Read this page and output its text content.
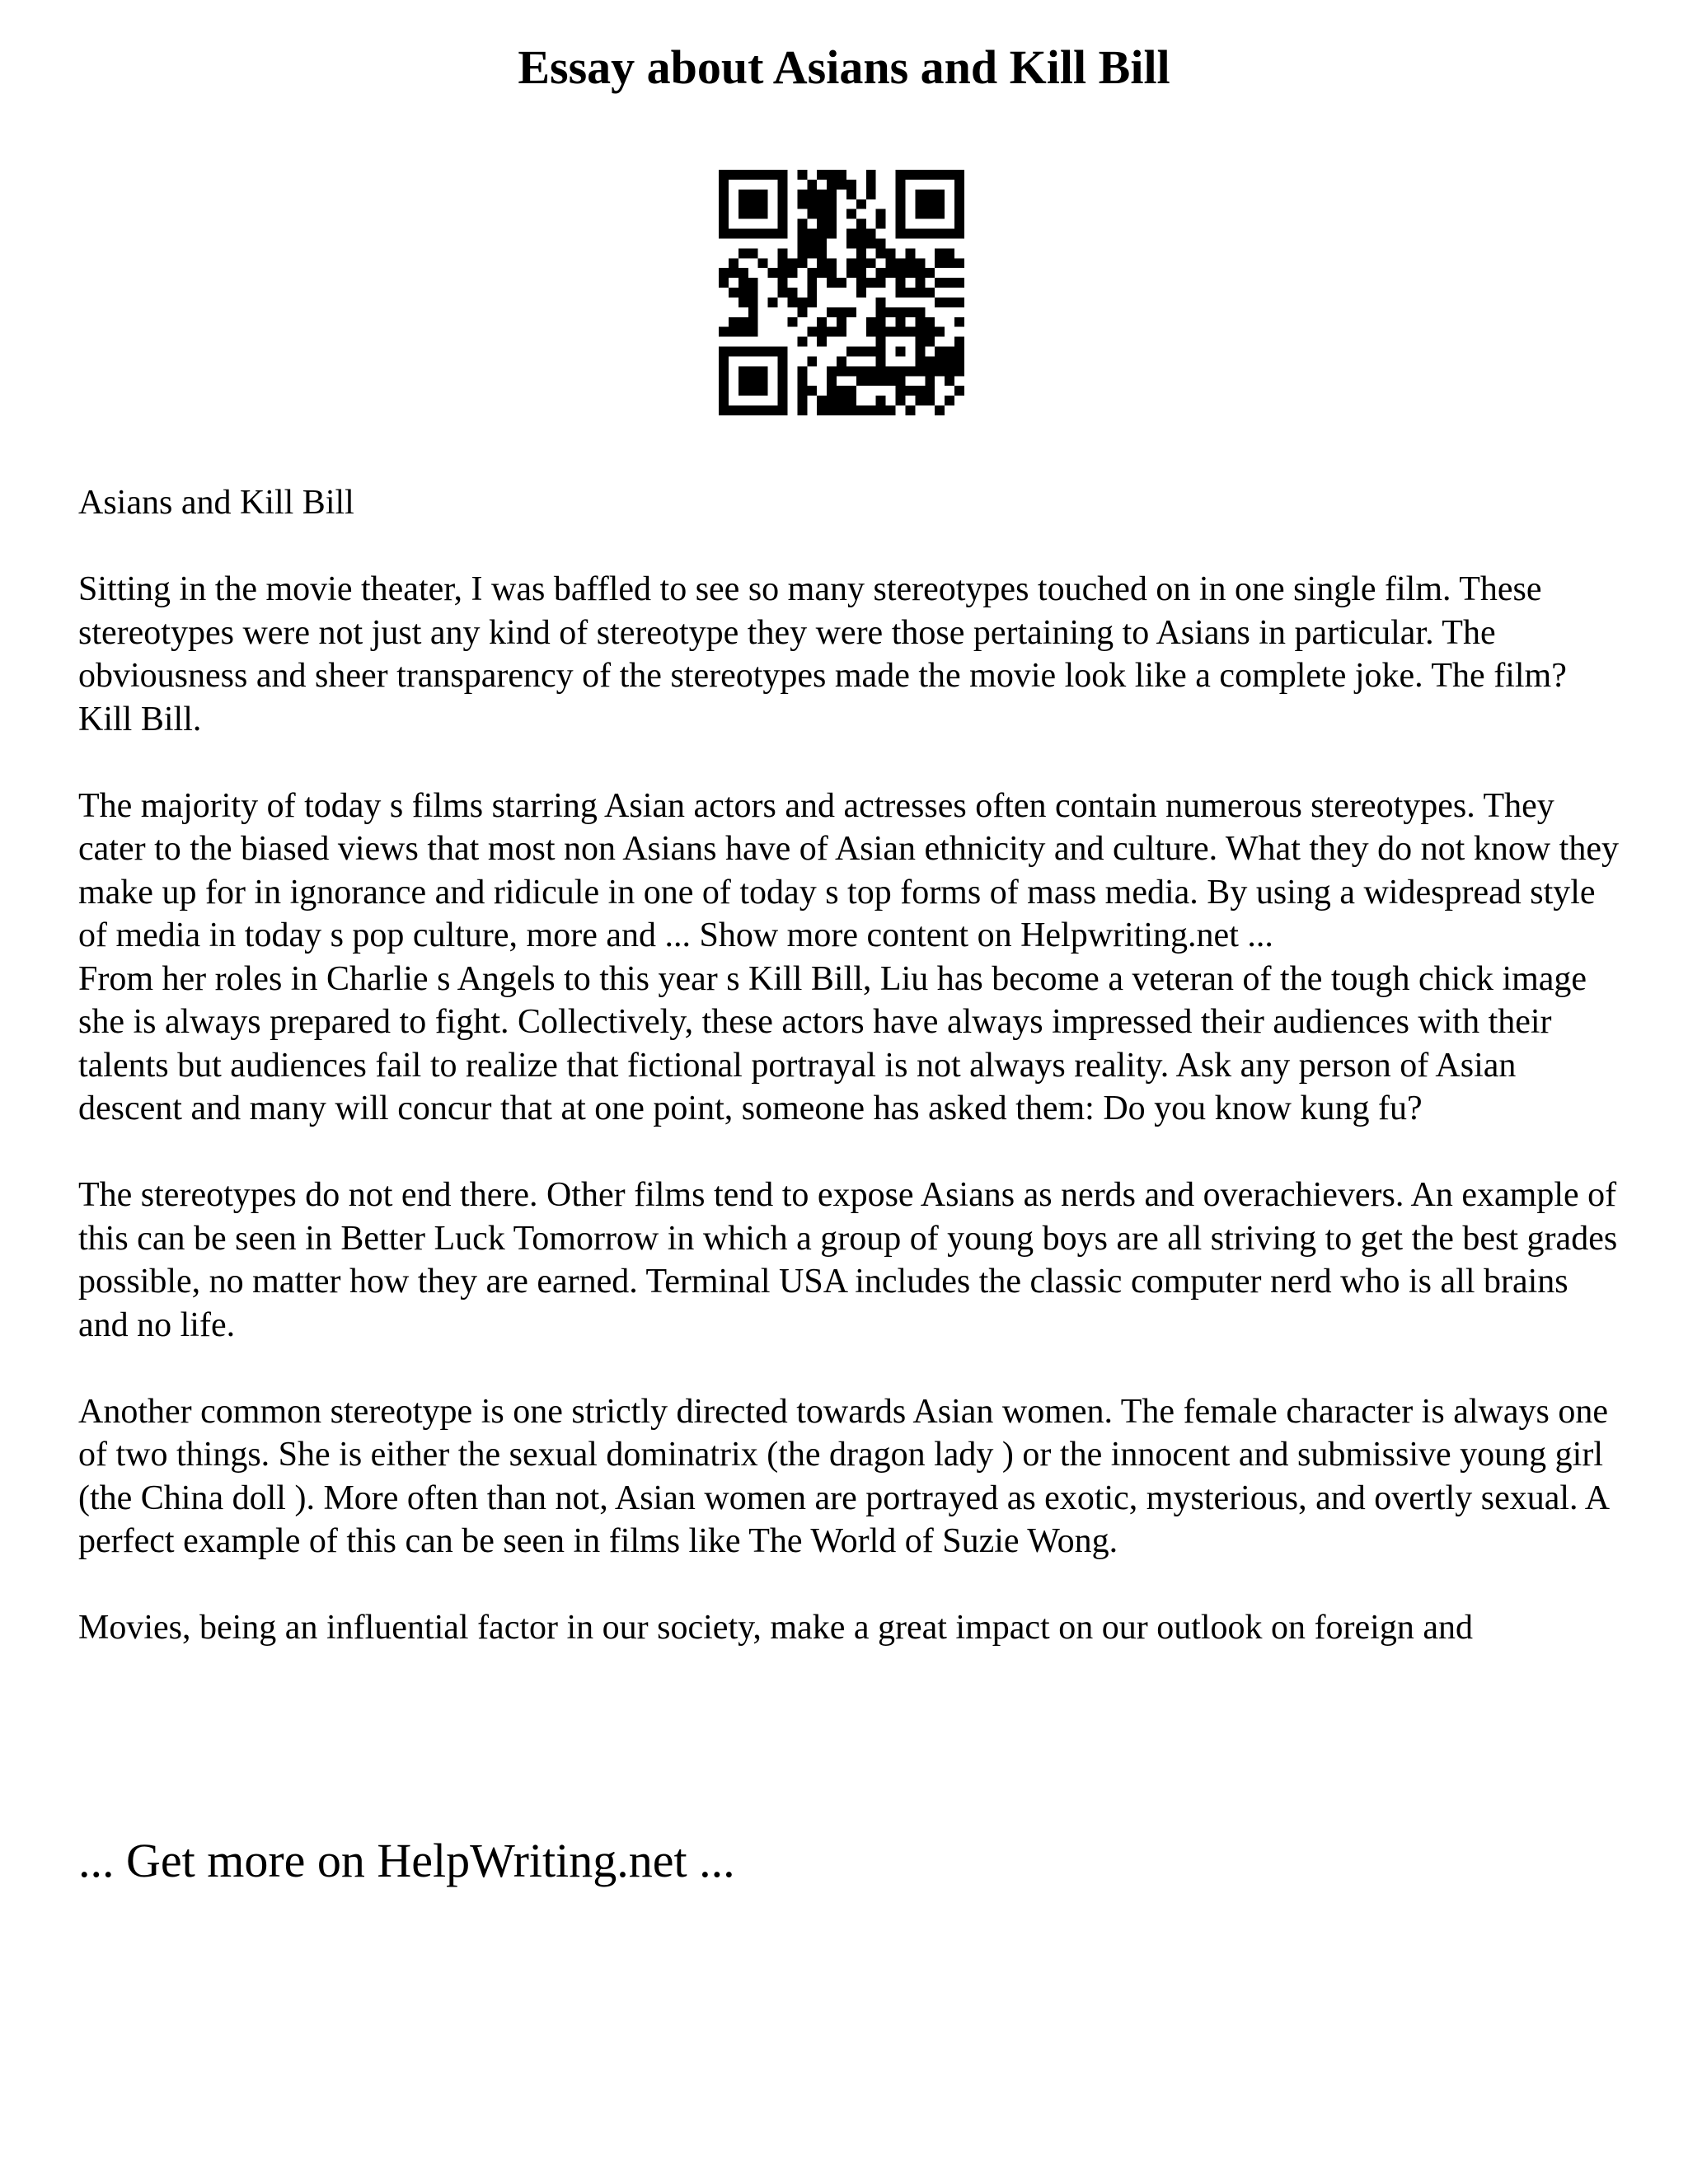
Essay about Asians and Kill Bill

Asians and Kill Bill

Sitting in the movie theater, I was baffled to see so many stereotypes touched on in one single film. These stereotypes were not just any kind of stereotype they were those pertaining to Asians in particular. The obviousness and sheer transparency of the stereotypes made the movie look like a complete joke. The film? Kill Bill.

The majority of today s films starring Asian actors and actresses often contain numerous stereotypes. They cater to the biased views that most non Asians have of Asian ethnicity and culture. What they do not know they make up for in ignorance and ridicule in one of today s top forms of mass media. By using a widespread style of media in today s pop culture, more and ... Show more content on Helpwriting.net ...

From her roles in Charlie s Angels to this year s Kill Bill, Liu has become a veteran of the tough chick image she is always prepared to fight. Collectively, these actors have always impressed their audiences with their talents but audiences fail to realize that fictional portrayal is not always reality. Ask any person of Asian descent and many will concur that at one point, someone has asked them: Do you know kung fu?

The stereotypes do not end there. Other films tend to expose Asians as nerds and overachievers. An example of this can be seen in Better Luck Tomorrow in which a group of young boys are all striving to get the best grades possible, no matter how they are earned. Terminal USA includes the classic computer nerd who is all brains and no life.

Another common stereotype is one strictly directed towards Asian women. The female character is always one of two things. She is either the sexual dominatrix (the dragon lady ) or the innocent and submissive young girl (the China doll ). More often than not, Asian women are portrayed as exotic, mysterious, and overtly sexual. A perfect example of this can be seen in films like The World of Suzie Wong.

Movies, being an influential factor in our society, make a great impact on our outlook on foreign and

... Get more on HelpWriting.net ...
